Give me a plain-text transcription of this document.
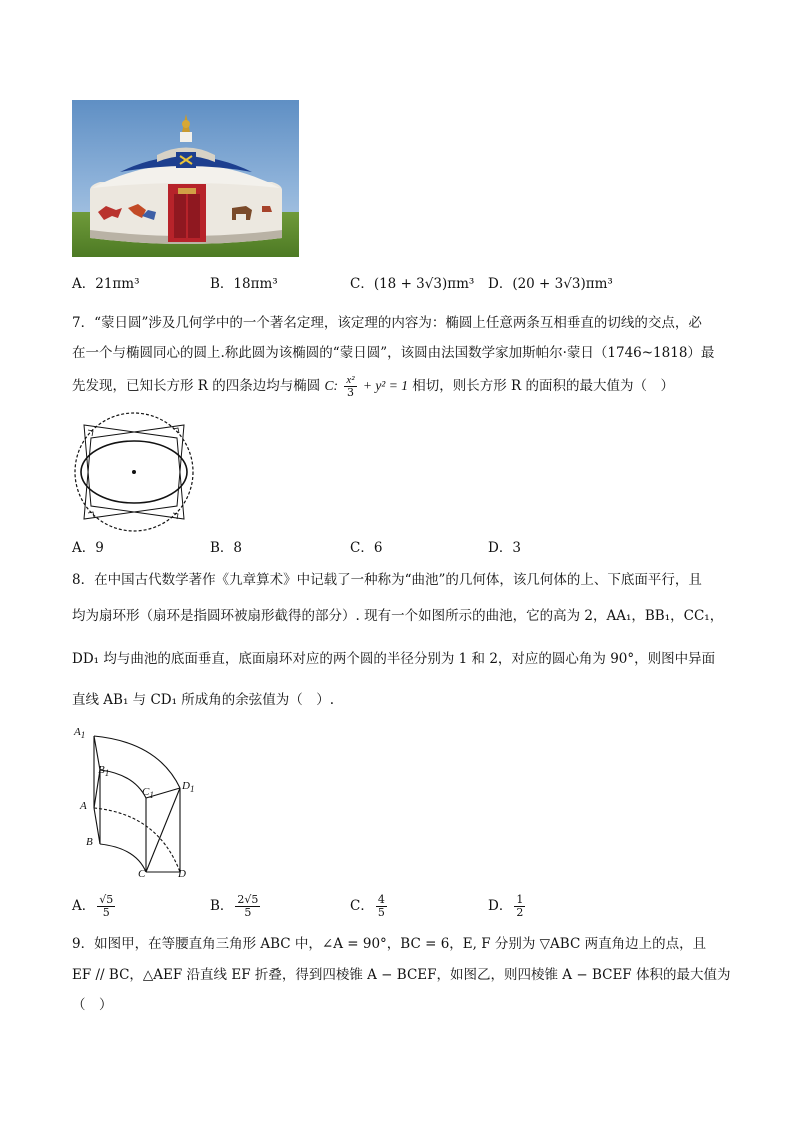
A．21πm³	B．18πm³	C．(18 + 3√3)πm³ D．(20 + 3√3)πm³
7．“蒙日圆”涉及几何学中的一个著名定理，该定理的内容为：椭圆上任意两条互相垂直的切线的交点，必
在一个与椭圆同心的圆上.称此圆为该椭圆的“蒙日圆”，该圆由法国数学家加斯帕尔·蒙日（1746~1818）最
先发现，已知长方形 R 的四条边均与椭圆 C: $\frac{\text{x²}}{3} + y^2 = 1$ 相切，则长方形 R 的面积的最大值为（　）
A．9	B．8	C．6	D．3
8．在中国古代数学著作《九章算术》中记载了一种称为“曲池”的几何体，该几何体的上、下底面平行，且
均为扇环形（扇环是指圆环被扇形截得的部分）. 现有一个如图所示的曲池，它的高为 2，AA₁，BB₁，CC₁，
DD₁ 均与曲池的底面垂直，底面扇环对应的两个圆的半径分别为 1 和 2，对应的圆心角为 90°，则图中异面
直线 AB₁ 与 CD₁ 所成角的余弦值为（　）.
$A_1$
$B_1$
$C_1$
$D_1$
A
B
C	D
A． $\frac{√5}{5}$	B． $\frac{2√5}{5}$	C． $\frac{4}{5}$	D． $\frac{1}{2}$
9．如图甲，在等腰直角三角形 ABC 中，∠A = 90°，BC = 6，E, F 分别为 ▽ABC 两直角边上的点，且
EF // BC，△AEF 沿直线 EF 折叠，得到四棱锥 A − BCEF，如图乙，则四棱锥 A − BCEF 体积的最大值为
（　）
